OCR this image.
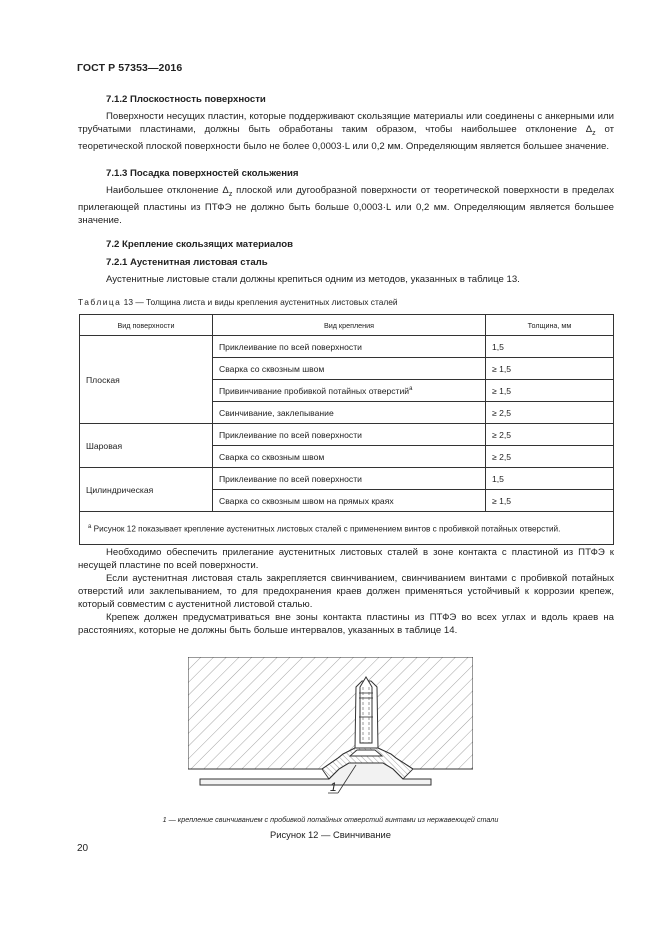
ГОСТ Р 57353—2016

7.1.2 Плоскостность поверхности

Поверхности несущих пластин, которые поддерживают скользящие материалы или соединены с анкерными или трубчатыми пластинами, должны быть обработаны таким образом, чтобы наибольшее отклонение $\Delta_z$ от теоретической плоской поверхности было не более 0,0003·L или 0,2 мм. Определяющим является большее значение.

7.1.3 Посадка поверхностей скольжения

Наибольшее отклонение $\Delta_z$ плоской или дугообразной поверхности от теоретической поверхности в пределах прилегающей пластины из ПТФЭ не должно быть больше 0,0003·L или 0,2 мм. Определяющим является большее значение.

7.2 Крепление скользящих материалов

7.2.1 Аустенитная листовая сталь

Аустенитные листовые стали должны крепиться одним из методов, указанных в таблице 13.

Таблица 13 — Толщина листа и виды крепления аустенитных листовых сталей
Вид поверхности	Вид крепления	Толщина, мм
Плоская	Приклеивание по всей поверхности	1,5
	Сварка со сквозным швом	≥ 1,5
	Привинчивание пробивкой потайных отверстий$^a$	≥ 1,5
	Свинчивание, заклепывание	≥ 2,5
Шаровая	Приклеивание по всей поверхности	≥ 2,5
	Сварка со сквозным швом	≥ 2,5
Цилиндрическая	Приклеивание по всей поверхности	1,5
	Сварка со сквозным швом на прямых краях	≥ 1,5
$^a$ Рисунок 12 показывает крепление аустенитных листовых сталей с применением винтов с пробивкой потайных отверстий.		

Необходимо обеспечить прилегание аустенитных листовых сталей в зоне контакта с пластиной из ПТФЭ к несущей пластине по всей поверхности.

Если аустенитная листовая сталь закрепляется свинчиванием, свинчиванием винтами с пробивкой потайных отверстий или заклепыванием, то для предохранения краев должен применяться устойчивый к коррозии крепеж, который совместим с аустенитной листовой сталью.

Крепеж должен предусматриваться вне зоны контакта пластины из ПТФЭ во всех углах и вдоль краев на расстояниях, которые не должны быть больше интервалов, указанных в таблице 14.

1
1 — крепление свинчиванием с пробивкой потайных отверстий винтами из нержавеющей стали
Рисунок 12 — Свинчивание
20
